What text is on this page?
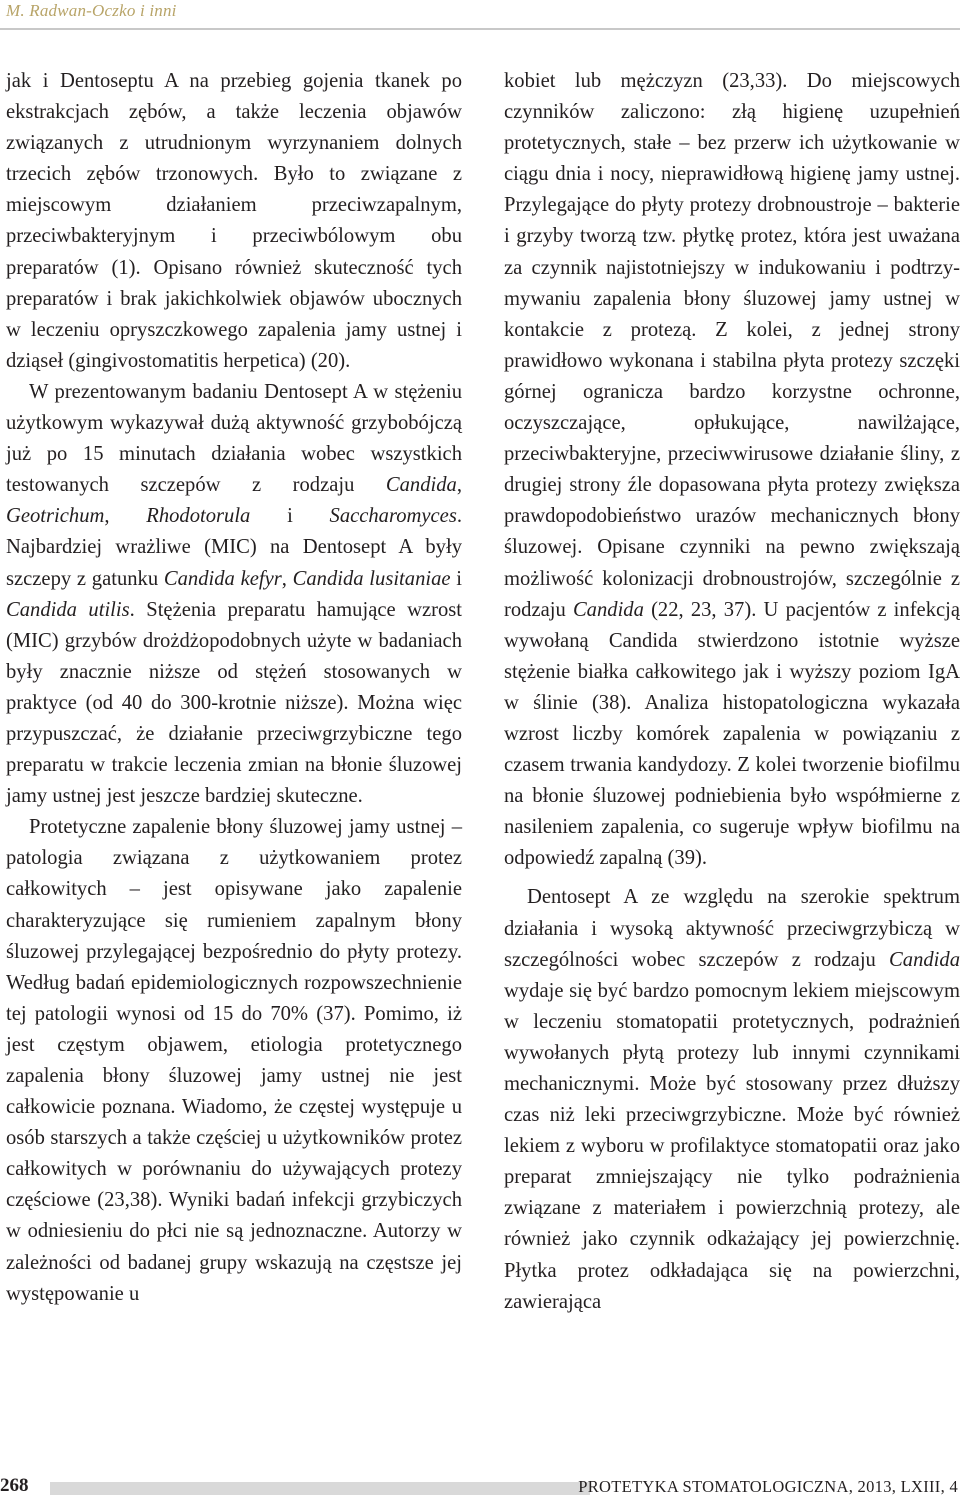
M. Radwan-Oczko i inni

jak i Dentoseptu A na przebieg gojenia tkanek po ekstrakcjach zębów, a także leczenia objawów związanych z utrudnionym wyrzynaniem dolnych trzecich zębów trzonowych. Było to związane z miejscowym działaniem przeciwzapalnym, przeciwbakteryjnym i przeciwbólowym obu preparatów (1). Opisano również skuteczność tych preparatów i brak jakichkolwiek objawów ubocznych w leczeniu opryszczkowego zapalenia jamy ustnej i dziąseł (gingivostomatitis herpetica) (20).

W prezentowanym badaniu Dentosept A w stężeniu użytkowym wykazywał dużą aktywność grzybobójczą już po 15 minutach działania wobec wszystkich testowanych szczepów z rodzaju Candida, Geotrichum, Rhodotorula i Saccharomyces. Najbardziej wrażliwe (MIC) na Dentosept A były szczepy z gatunku Candida kefyr, Candida lusitaniae i Candida utilis. Stężenia preparatu hamujące wzrost (MIC) grzybów drożdżopodobnych użyte w badaniach były znacznie niższe od stężeń stosowanych w praktyce (od 40 do 300-krotnie niższe). Można więc przypuszczać, że działanie przeciwgrzybiczne tego preparatu w trakcie leczenia zmian na błonie śluzowej jamy ustnej jest jeszcze bardziej skuteczne.

Protetyczne zapalenie błony śluzowej jamy ustnej – patologia związana z użytkowaniem protez całkowitych – jest opisywane jako zapalenie charakteryzujące się rumieniem zapalnym błony śluzowej przylegającej bezpośrednio do płyty protezy. Według badań epidemiologicznych rozpowszechnienie tej patologii wynosi od 15 do 70% (37). Pomimo, iż jest częstym objawem, etiologia protetycznego zapalenia błony śluzowej jamy ustnej nie jest całkowicie poznana. Wiadomo, że częstej występuje u osób starszych a także częściej u użytkowników protez całkowitych w porównaniu do używających protezy częściowe (23,38). Wyniki badań infekcji grzybiczych w odniesieniu do płci nie są jednoznaczne. Autorzy w zależności od badanej grupy wskazują na częstsze jej występowanie u

kobiet lub mężczyzn (23,33). Do miejscowych czynników zaliczono: złą higienę uzupełnień protetycznych, stałe – bez przerw ich użytkowanie w ciągu dnia i nocy, nieprawidłową higienę jamy ustnej. Przylegające do płyty protezy drobnoustroje – bakterie i grzyby tworzą tzw. płytkę protez, która jest uważana za czynnik najistotniejszy w indukowaniu i podtrzymywaniu zapalenia błony śluzowej jamy ustnej w kontakcie z protezą. Z kolei, z jednej strony prawidłowo wykonana i stabilna płyta protezy szczęki górnej ogranicza bardzo korzystne ochronne, oczyszczające, opłukujące, nawilżające, przeciwbakteryjne, przeciwwirusowe działanie śliny, z drugiej strony źle dopasowana płyta protezy zwiększa prawdopodobieństwo urazów mechanicznych błony śluzowej. Opisane czynniki na pewno zwiększają możliwość kolonizacji drobnoustrojów, szczególnie z rodzaju Candida (22, 23, 37). U pacjentów z infekcją wywołaną Candida stwierdzono istotnie wyższe stężenie białka całkowitego jak i wyższy poziom IgA w ślinie (38). Analiza histopatologiczna wykazała wzrost liczby komórek zapalenia w powiązaniu z czasem trwania kandydozy. Z kolei tworzenie biofilmu na błonie śluzowej podniebienia było współmierne z nasileniem zapalenia, co sugeruje wpływ biofilmu na odpowiedź zapalną (39).

Dentosept A ze względu na szerokie spektrum działania i wysoką aktywność przeciwgrzybiczą w szczególności wobec szczepów z rodzaju Candida wydaje się być bardzo pomocnym lekiem miejscowym w leczeniu stomatopatii protetycznych, podrażnień wywołanych płytą protezy lub innymi czynnikami mechanicznymi. Może być stosowany przez dłuższy czas niż leki przeciwgrzybiczne. Może być również lekiem z wyboru w profilaktyce stomatopatii oraz jako preparat zmniejszający nie tylko podrażnienia związane z materiałem i powierzchnią protezy, ale również jako czynnik odkażający jej powierzchnię. Płytka protez odkładająca się na powierzchni, zawierająca

268	PROTETYKA STOMATOLOGICZNA, 2013, LXIII, 4
